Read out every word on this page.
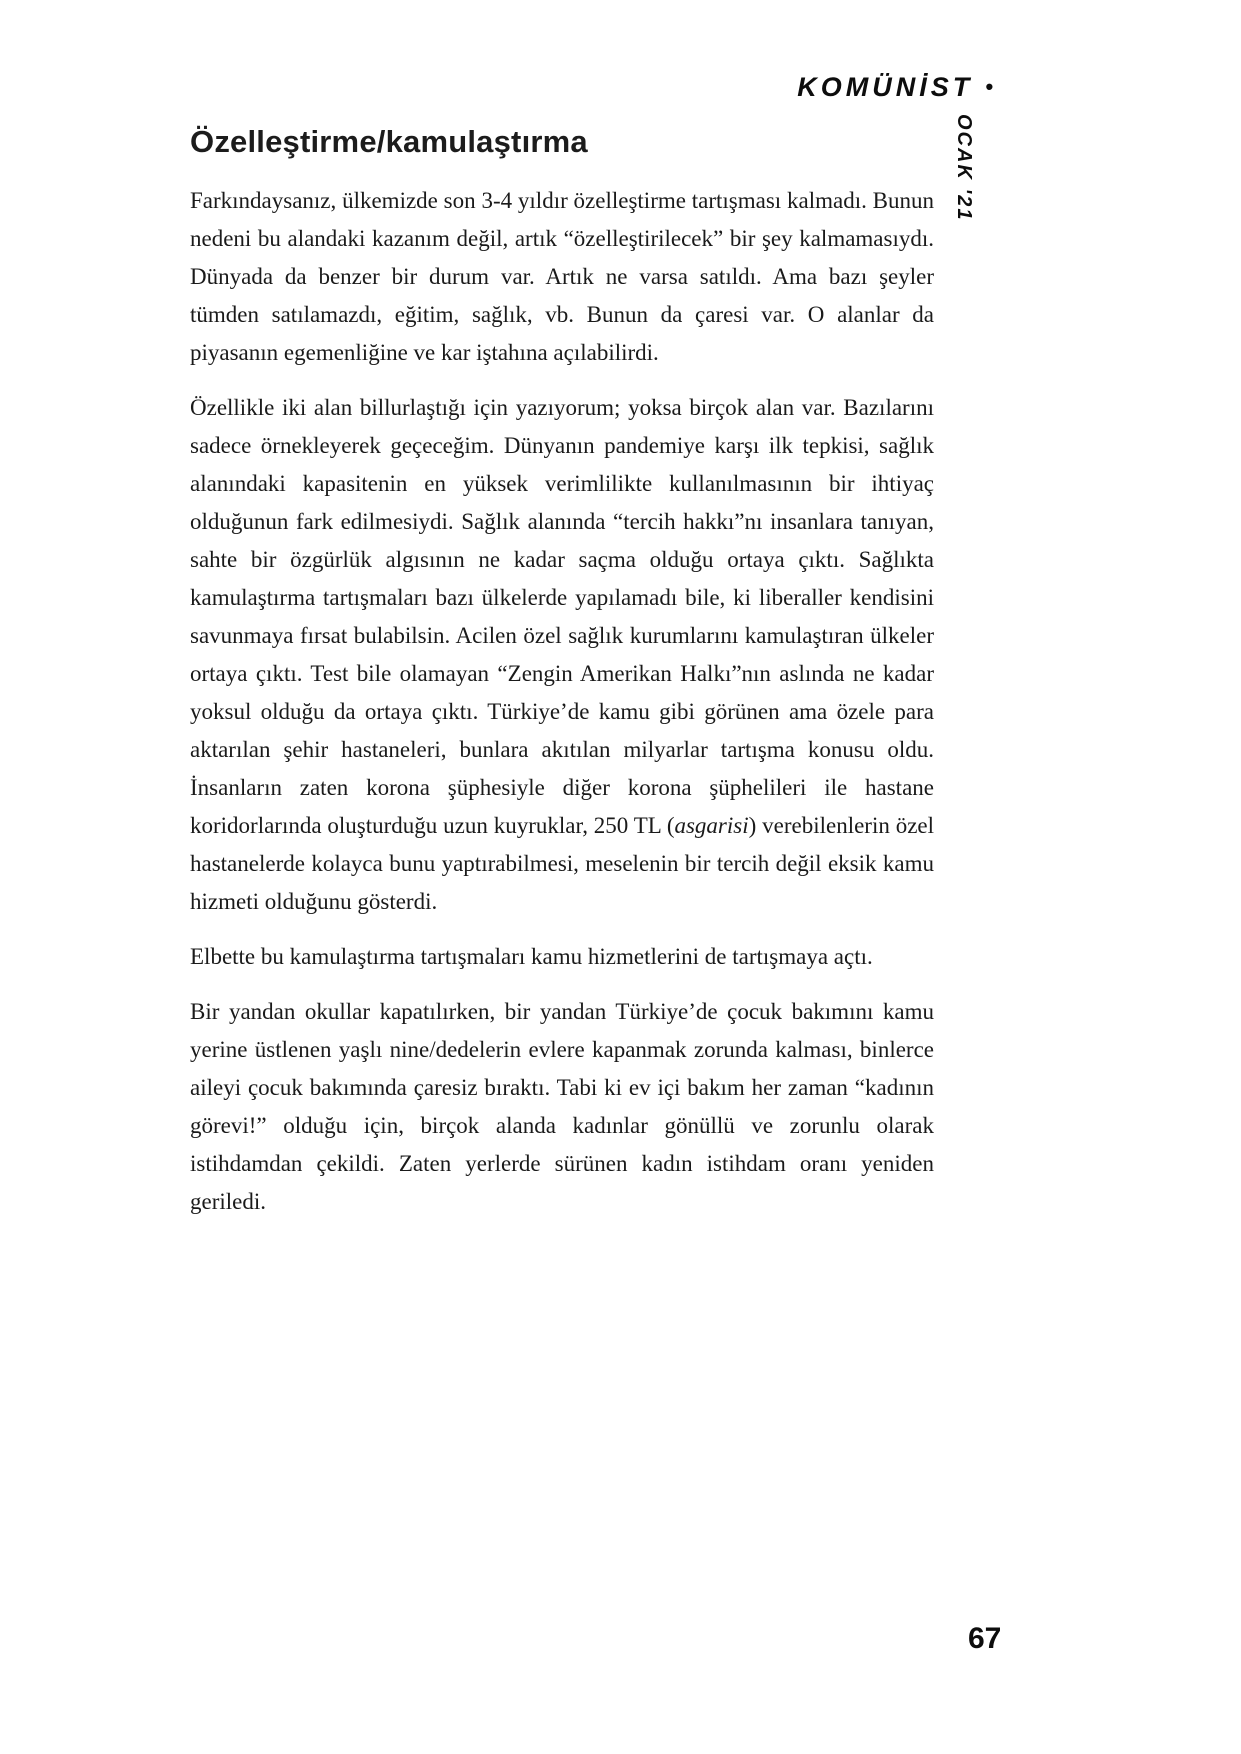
KOMÜNİST •
OCAK '21
Özelleştirme/kamulaştırma

Farkındaysanız, ülkemizde son 3-4 yıldır özelleştirme tartışması kalmadı. Bunun nedeni bu alandaki kazanım değil, artık “özelleştirilecek” bir şey kalmamasıydı. Dünyada da benzer bir durum var. Artık ne varsa satıldı. Ama bazı şeyler tümden satılamazdı, eğitim, sağlık, vb. Bunun da çaresi var. O alanlar da piyasanın egemenliğine ve kar iştahına açılabilirdi.

Özellikle iki alan billurlaştığı için yazıyorum; yoksa birçok alan var. Bazılarını sadece örnekleyerek geçeceğim. Dünyanın pandemiye karşı ilk tepkisi, sağlık alanındaki kapasitenin en yüksek verimlilikte kullanılmasının bir ihtiyaç olduğunun fark edilmesiydi. Sağlık alanında “tercih hakkı”nı insanlara tanıyan, sahte bir özgürlük algısının ne kadar saçma olduğu ortaya çıktı. Sağlıkta kamulaştırma tartışmaları bazı ülkelerde yapılamadı bile, ki liberaller kendisini savunmaya fırsat bulabilsin. Acilen özel sağlık kurumlarını kamulaştıran ülkeler ortaya çıktı. Test bile olamayan “Zengin Amerikan Halkı”nın aslında ne kadar yoksul olduğu da ortaya çıktı. Türkiye’de kamu gibi görünen ama özele para aktarılan şehir hastaneleri, bunlara akıtılan milyarlar tartışma konusu oldu. İnsanların zaten korona şüphesiyle diğer korona şüphelileri ile hastane koridorlarında oluşturduğu uzun kuyruklar, 250 TL (asgarisi) verebilenlerin özel hastanelerde kolayca bunu yaptırabilmesi, meselenin bir tercih değil eksik kamu hizmeti olduğunu gösterdi.

Elbette bu kamulaştırma tartışmaları kamu hizmetlerini de tartışmaya açtı.

Bir yandan okullar kapatılırken, bir yandan Türkiye’de çocuk bakımını kamu yerine üstlenen yaşlı nine/dedelerin evlere kapanmak zorunda kalması, binlerce aileyi çocuk bakımında çaresiz bıraktı. Tabi ki ev içi bakım her zaman “kadının görevi!” olduğu için, birçok alanda kadınlar gönüllü ve zorunlu olarak istihdamdan çekildi. Zaten yerlerde sürünen kadın istihdam oranı yeniden geriledi.

67
